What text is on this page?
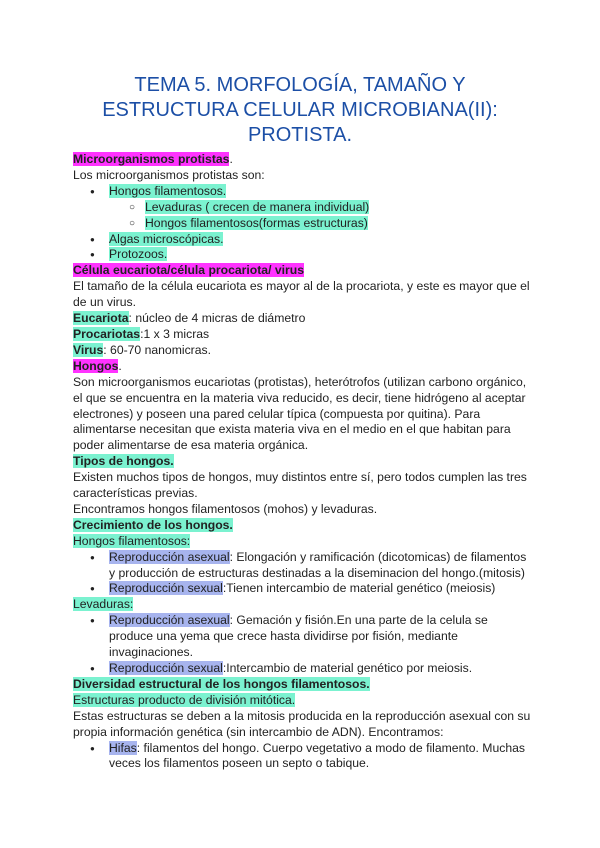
TEMA 5. MORFOLOGÍA, TAMAÑO Y
ESTRUCTURA CELULAR MICROBIANA(II):
PROTISTA.

Microorganismos protistas.

Los microorganismos protistas son:

● Hongos filamentosos.
○ Levaduras ( crecen de manera individual)
○ Hongos filamentosos(formas estructuras)
● Algas microscópicas.
● Protozoos.

Célula eucariota/célula procariota/ virus

El tamaño de la célula eucariota es mayor al de la procariota, y este es mayor que el de un virus.

Eucariota: núcleo de 4 micras de diámetro

Procariotas:1 x 3 micras

Virus: 60-70 nanomicras.

Hongos.

Son microorganismos eucariotas (protistas), heterótrofos (utilizan carbono orgánico, el que se encuentra en la materia viva reducido, es decir, tiene hidrógeno al aceptar electrones) y poseen una pared celular típica (compuesta por quitina). Para alimentarse necesitan que exista materia viva en el medio en el que habitan para poder alimentarse de esa materia orgánica.

Tipos de hongos.

Existen muchos tipos de hongos, muy distintos entre sí, pero todos cumplen las tres características previas.

Encontramos hongos filamentosos (mohos) y levaduras.

Crecimiento de los hongos.

Hongos filamentosos:

● Reproducción asexual: Elongación y ramificación (dicotomicas) de filamentos y producción de estructuras destinadas a la diseminacion del hongo.(mitosis)
● Reproducción sexual:Tienen intercambio de material genético (meiosis)

Levaduras:

● Reproducción asexual: Gemación y fisión.En una parte de la celula se produce una yema que crece hasta dividirse por fisión, mediante invaginaciones.
● Reproducción sexual:Intercambio de material genético por meiosis.

Diversidad estructural de los hongos filamentosos.

Estructuras producto de división mitótica.

Estas estructuras se deben a la mitosis producida en la reproducción asexual con su propia información genética (sin intercambio de ADN). Encontramos:

● Hifas: filamentos del hongo. Cuerpo vegetativo a modo de filamento. Muchas veces los filamentos poseen un septo o tabique.
